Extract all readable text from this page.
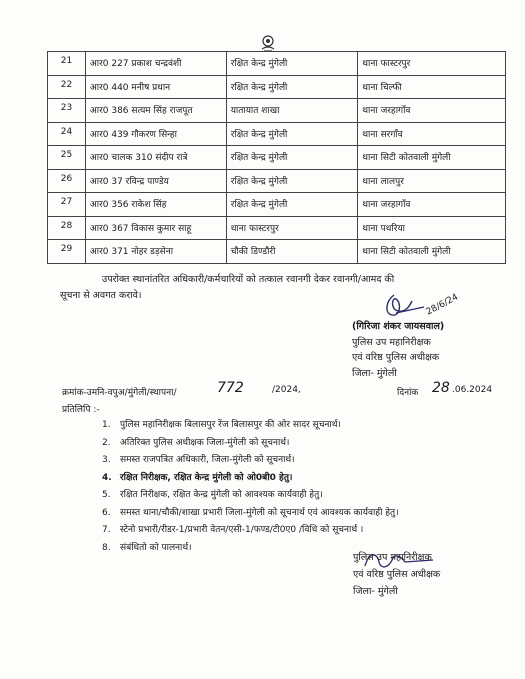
21	आर0 227 प्रकाश चन्द्रवंशी	रक्षित केन्द्र मुंगेली	थाना फास्टरपुर
22	आर0 440 मनीष प्रधान	रक्षित केन्द्र मुंगेली	थाना चिल्फी
23	आर0 386 सत्यम सिंह राजपूत	यातायात शाखा	थाना जरहागाँव
24	आर0 439 गौकरण सिन्हा	रक्षित केन्द्र मुंगेली	थाना सरगाँव
25	आर0 चालक 310 संदीप रात्रे	रक्षित केन्द्र मुंगेली	थाना सिटी कोतवाली मुंगेली
26	आर0 37 रविन्द्र पाण्डेय	रक्षित केन्द्र मुंगेली	थाना लालपुर
27	आर0 356 राकेश सिंह	रक्षित केन्द्र मुंगेली	थाना जरहागाँव
28	आर0 367 विकास कुमार साहू	थाना फास्टरपुर	थाना पथरिया
29	आर0 371 नोहर डड़सेना	चौकी डिण्डौरी	थाना सिटी कोतवाली मुंगेली
उपरोक्त स्थानांतरित अधिकारी/कर्मचारियों को तत्काल रवानगी देकर रवानगी/आमद की
सूचना से अवगत करावे।	28/6/24
(गिरिजा शंकर जायसवाल)
पुलिस उप महानिरीक्षक
एवं वरिष्ठ पुलिस अधीक्षक
जिला- मुंगेली
क्रमांक-उमनि-वपुअ/मुंगेली/स्थापना/	772	/2024,	दिनांक 28 .06.2024
प्रतिलिपि :-
1. पुलिस महानिरीक्षक बिलासपुर रेंज बिलासपुर की ओर सादर सूचनार्थ।
2. अतिरिक्त पुलिस अधीक्षक जिला-मुंगेली को सूचनार्थ।
3. समस्त राजपत्रित अधिकारी, जिला-मुंगेली को सूचनार्थ।
4. रक्षित निरीक्षक, रक्षित केन्द्र मुंगेली को ओ0बी0 हेतु।
5. रक्षित निरीक्षक, रक्षित केन्द्र मुंगेली को आवश्यक कार्यवाही हेतु।
6. समस्त थाना/चौकी/शाखा प्रभारी जिला-मुंगेली को सूचनार्थ एवं आवश्यक कार्यवाही हेतु।
7. स्टेनो प्रभारी/रीडर-1/प्रभारी वेतन/एसी-1/फण्ड/टी0ए0 /विधि को सूचनार्थ ।
8. संबंधितो को पालनार्थ।
पुलिस उप महानिरीक्षक
एवं वरिष्ठ पुलिस अधीक्षक
जिला- मुंगेली
